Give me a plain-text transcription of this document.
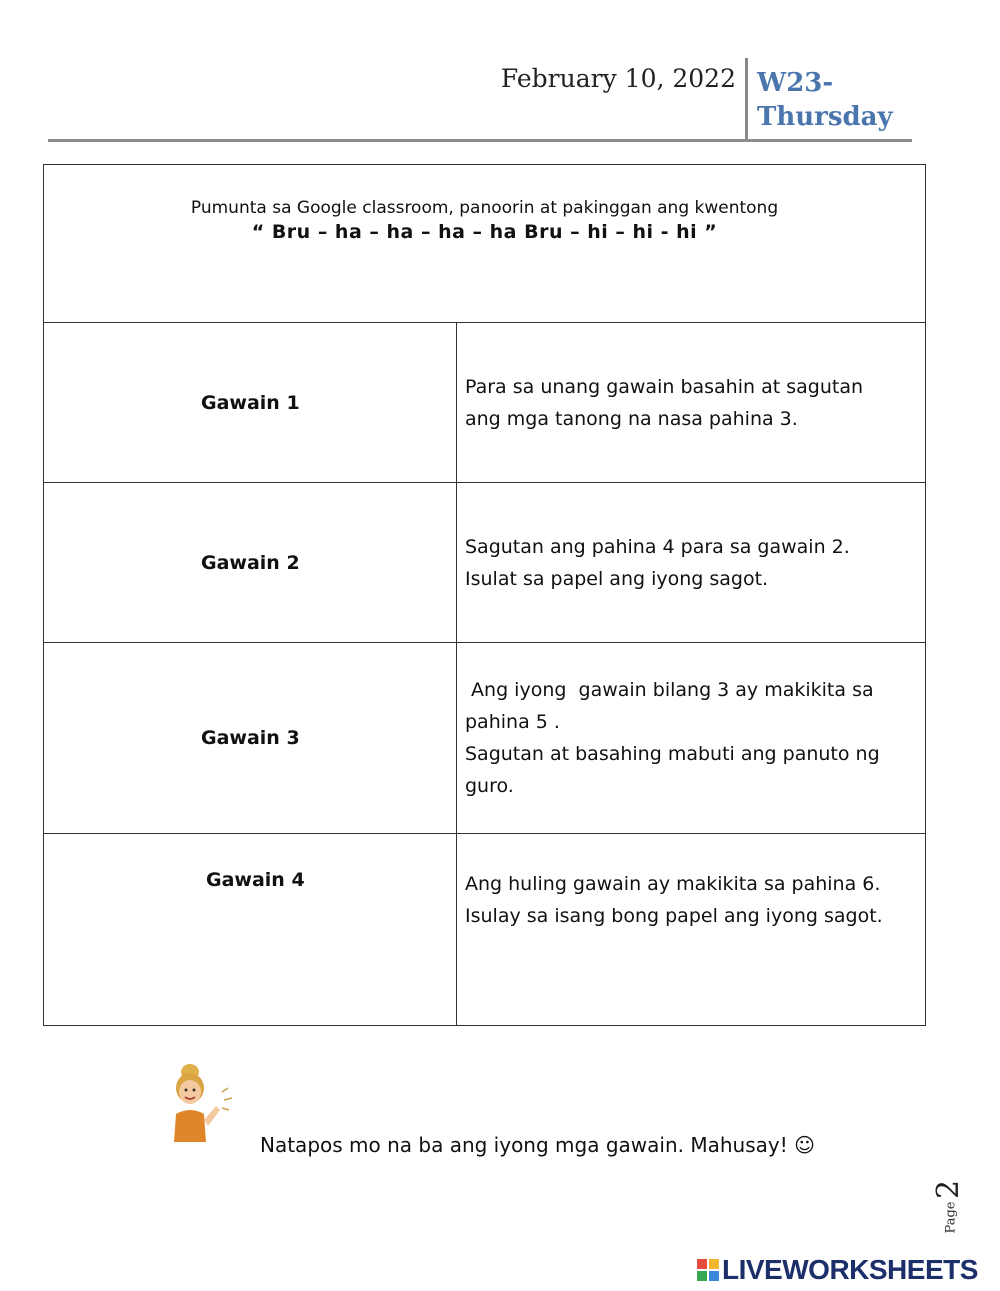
February 10, 2022 W23-
Thursday
Pumunta sa Google classroom, panoorin at pakinggan ang kwentong
“ Bru – ha – ha – ha – ha Bru – hi – hi - hi ”	

Gawain 1	Para sa unang gawain basahin at sagutan
ang mga tanong na nasa pahina 3.

Gawain 2	Sagutan ang pahina 4 para sa gawain 2.
Isulat sa papel ang iyong sagot.

Gawain 3	Ang iyong  gawain bilang 3 ay makikita sa
pahina 5 .
Sagutan at basahing mabuti ang panuto ng
guro.

Gawain 4	Ang huling gawain ay makikita sa pahina 6.
Isulay sa isang bong papel ang iyong sagot.
Natapos mo na ba ang iyong mga gawain. Mahusay! ☺
Page
2
LIVEWORKSHEETS
